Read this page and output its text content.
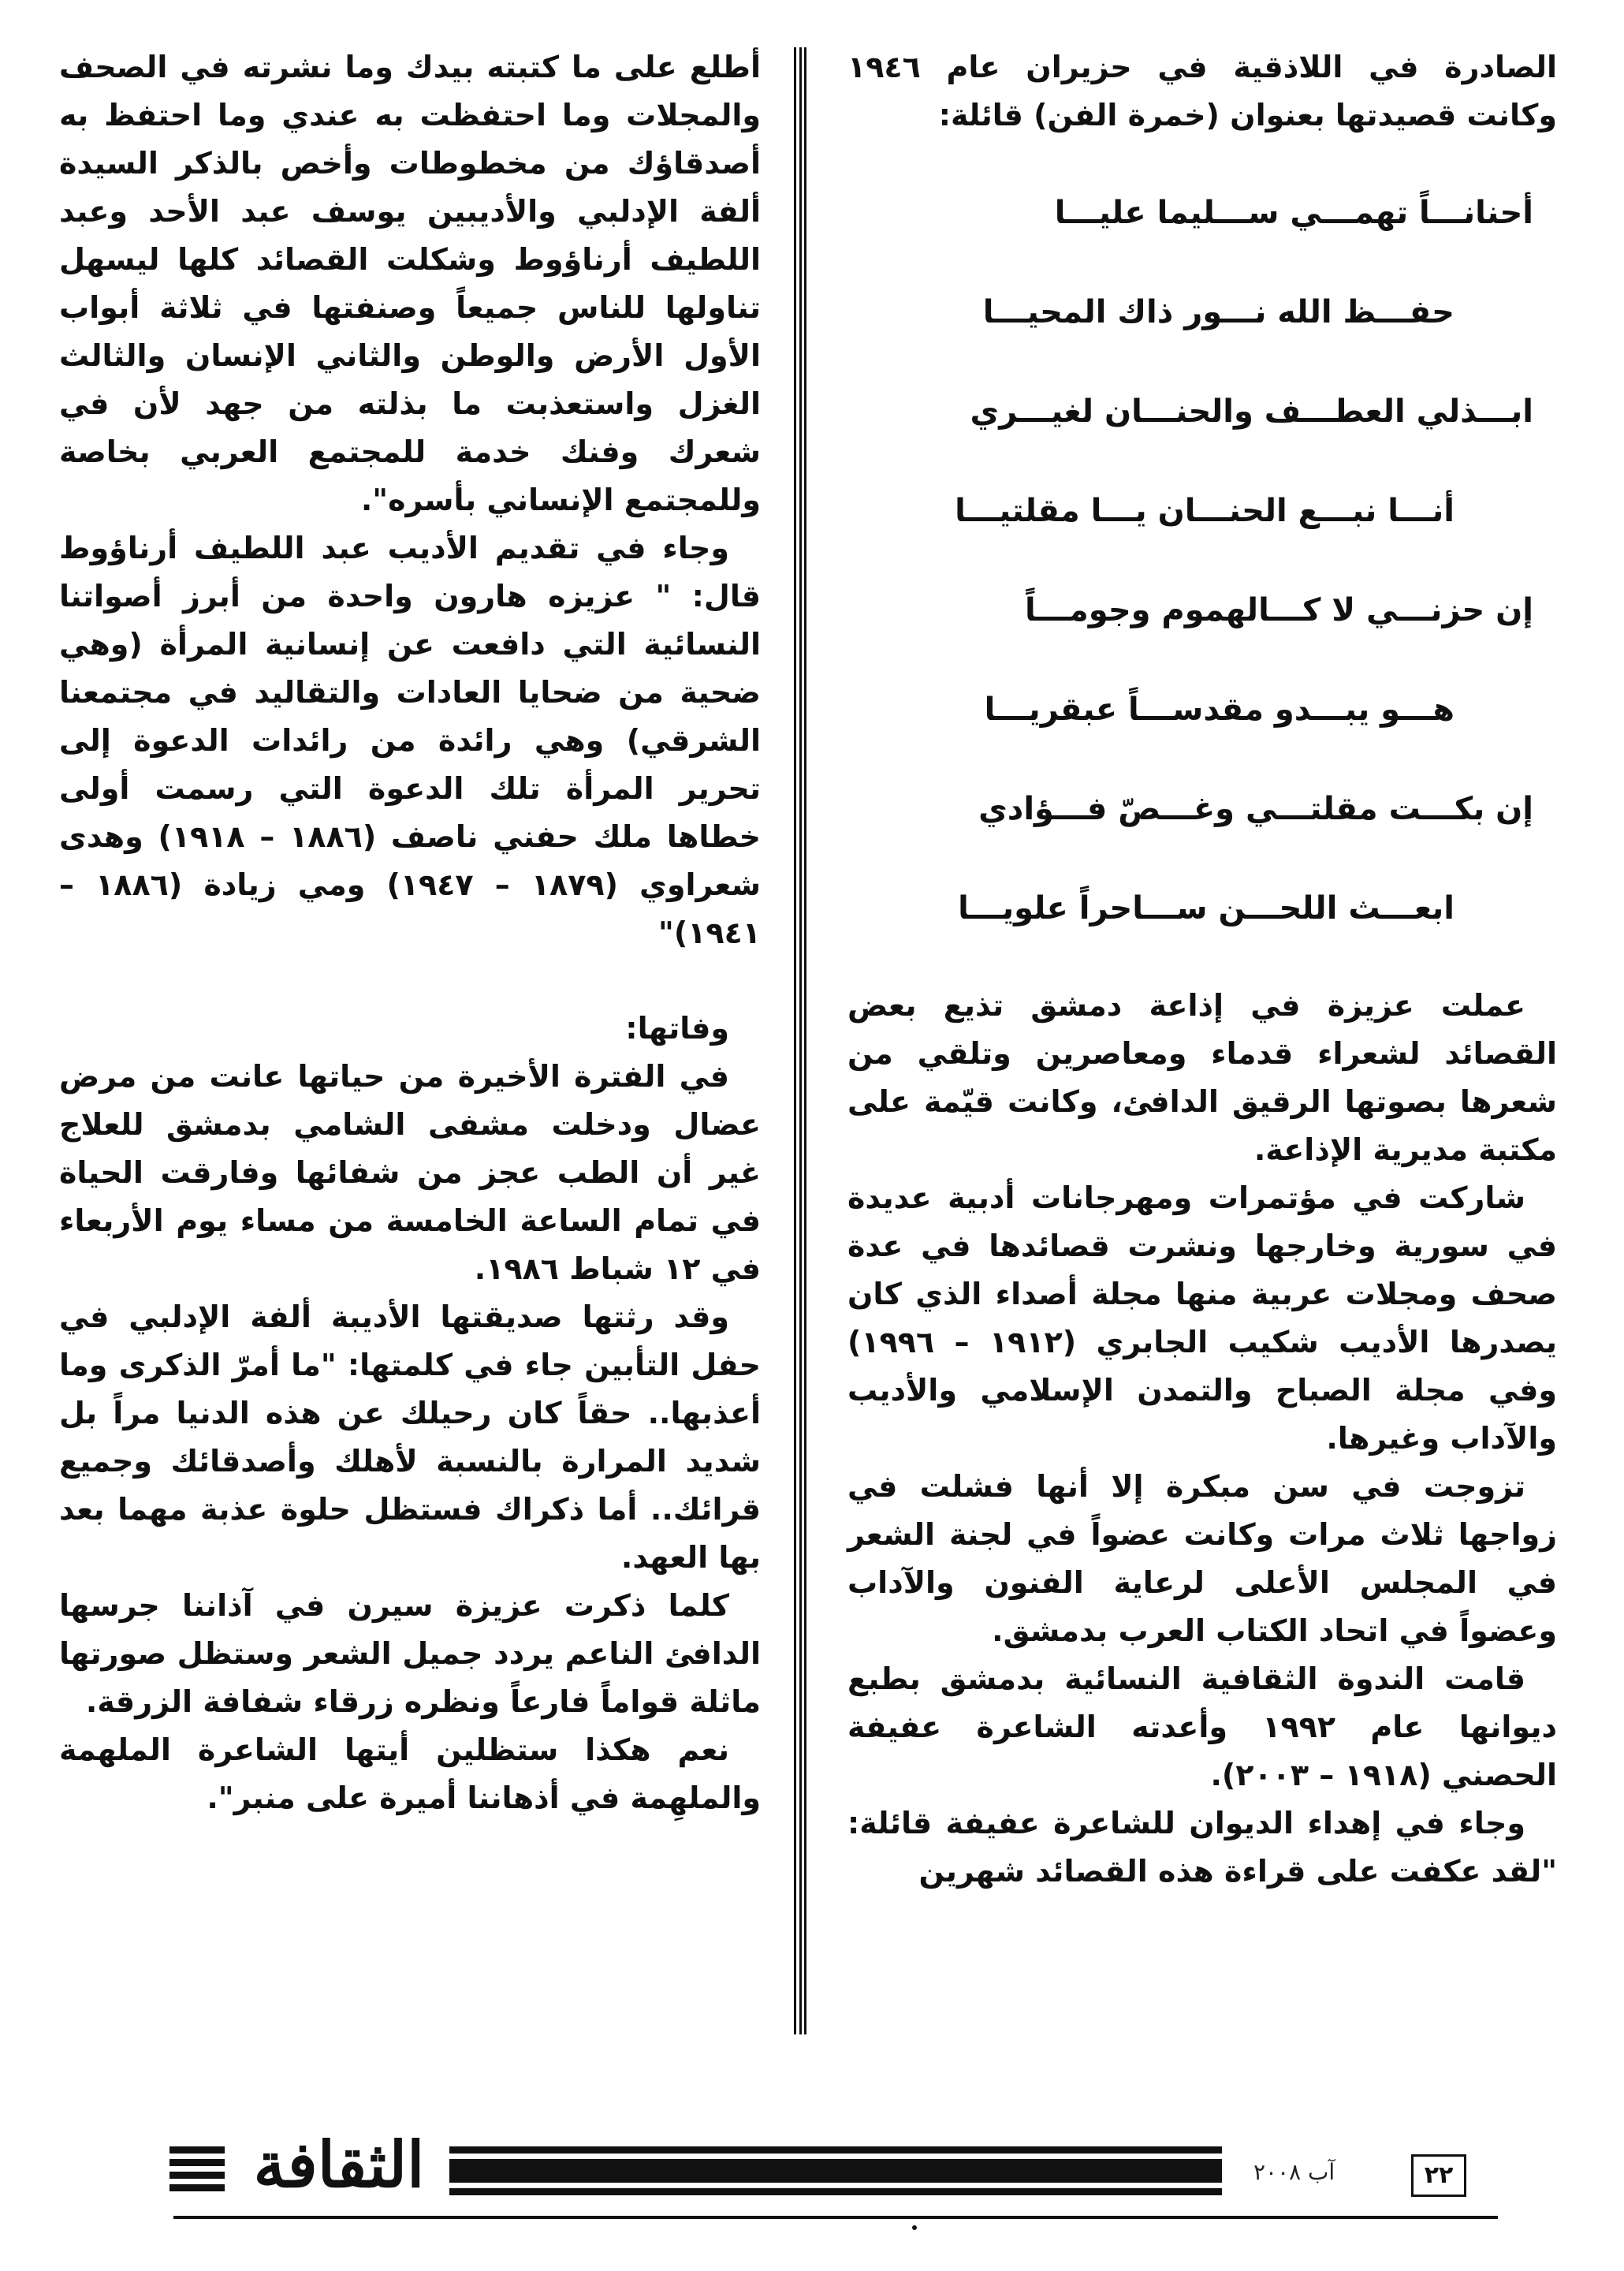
الصادرة في اللاذقية في حزيران عام ١٩٤٦ وكانت قصيدتها بعنوان (خمرة الفن) قائلة:

أحنانـــاً تهمـــي ســـليما عليـــا
حفـــظ الله نـــور ذاك المحيـــا
ابـــذلي العطـــف والحنـــان لغيـــري
أنـــا نبـــع الحنـــان يـــا مقلتيـــا
إن حزنـــي لا كـــالهموم وجومـــاً
هـــو يبـــدو مقدســـاً عبقريـــا
إن بكـــت مقلتـــي وغـــصّ فـــؤادي
ابعـــث اللحـــن ســـاحراً علويـــا

عملت عزيزة في إذاعة دمشق تذيع بعض القصائد لشعراء قدماء ومعاصرين وتلقي من شعرها بصوتها الرقيق الدافئ، وكانت قيّمة على مكتبة مديرية الإذاعة.

شاركت في مؤتمرات ومهرجانات أدبية عديدة في سورية وخارجها ونشرت قصائدها في عدة صحف ومجلات عربية منها مجلة أصداء الذي كان يصدرها الأديب شكيب الجابري (١٩١٢ – ١٩٩٦) وفي مجلة الصباح والتمدن الإسلامي والأديب والآداب وغيرها.

تزوجت في سن مبكرة إلا أنها فشلت في زواجها ثلاث مرات وكانت عضواً في لجنة الشعر في المجلس الأعلى لرعاية الفنون والآداب وعضواً في اتحاد الكتاب العرب بدمشق.

قامت الندوة الثقافية النسائية بدمشق بطبع ديوانها عام ١٩٩٢ وأعدته الشاعرة عفيفة الحصني (١٩١٨ – ٢٠٠٣).

وجاء في إهداء الديوان للشاعرة عفيفة قائلة: "لقد عكفت على قراءة هذه القصائد شهرين

أطلع على ما كتبته بيدك وما نشرته في الصحف والمجلات وما احتفظت به عندي وما احتفظ به أصدقاؤك من مخطوطات وأخص بالذكر السيدة ألفة الإدلبي والأديبين يوسف عبد الأحد وعبد اللطيف أرناؤوط وشكلت القصائد كلها ليسهل تناولها للناس جميعاً وصنفتها في ثلاثة أبواب الأول الأرض والوطن والثاني الإنسان والثالث الغزل واستعذبت ما بذلته من جهد لأن في شعرك وفنك خدمة للمجتمع العربي بخاصة وللمجتمع الإنساني بأسره".

وجاء في تقديم الأديب عبد اللطيف أرناؤوط قال: " عزيزه هارون واحدة من أبرز أصواتنا النسائية التي دافعت عن إنسانية المرأة (وهي ضحية من ضحايا العادات والتقاليد في مجتمعنا الشرقي) وهي رائدة من رائدات الدعوة إلى تحرير المرأة تلك الدعوة التي رسمت أولى خطاها ملك حفني ناصف (١٨٨٦ – ١٩١٨) وهدى شعراوي (١٨٧٩ – ١٩٤٧) ومي زيادة (١٨٨٦ – ١٩٤١)"

وفاتها:

في الفترة الأخيرة من حياتها عانت من مرض عضال ودخلت مشفى الشامي بدمشق للعلاج غير أن الطب عجز من شفائها وفارقت الحياة في تمام الساعة الخامسة من مساء يوم الأربعاء في ١٢ شباط ١٩٨٦.

وقد رثتها صديقتها الأديبة ألفة الإدلبي في حفل التأبين جاء في كلمتها: "ما أمرّ الذكرى وما أعذبها.. حقاً كان رحيلك عن هذه الدنيا مراً بل شديد المرارة بالنسبة لأهلك وأصدقائك وجميع قرائك.. أما ذكراك فستظل حلوة عذبة مهما بعد بها العهد.

كلما ذكرت عزيزة سيرن في آذاننا جرسها الدافئ الناعم يردد جميل الشعر وستظل صورتها ماثلة قواماً فارعاً ونظره زرقاء شفافة الزرقة.

نعم هكذا ستظلين أيتها الشاعرة الملهمة والملهِمة في أذهاننا أميرة على منبر".

الثقافة	آب ٢٠٠٨	٢٢
